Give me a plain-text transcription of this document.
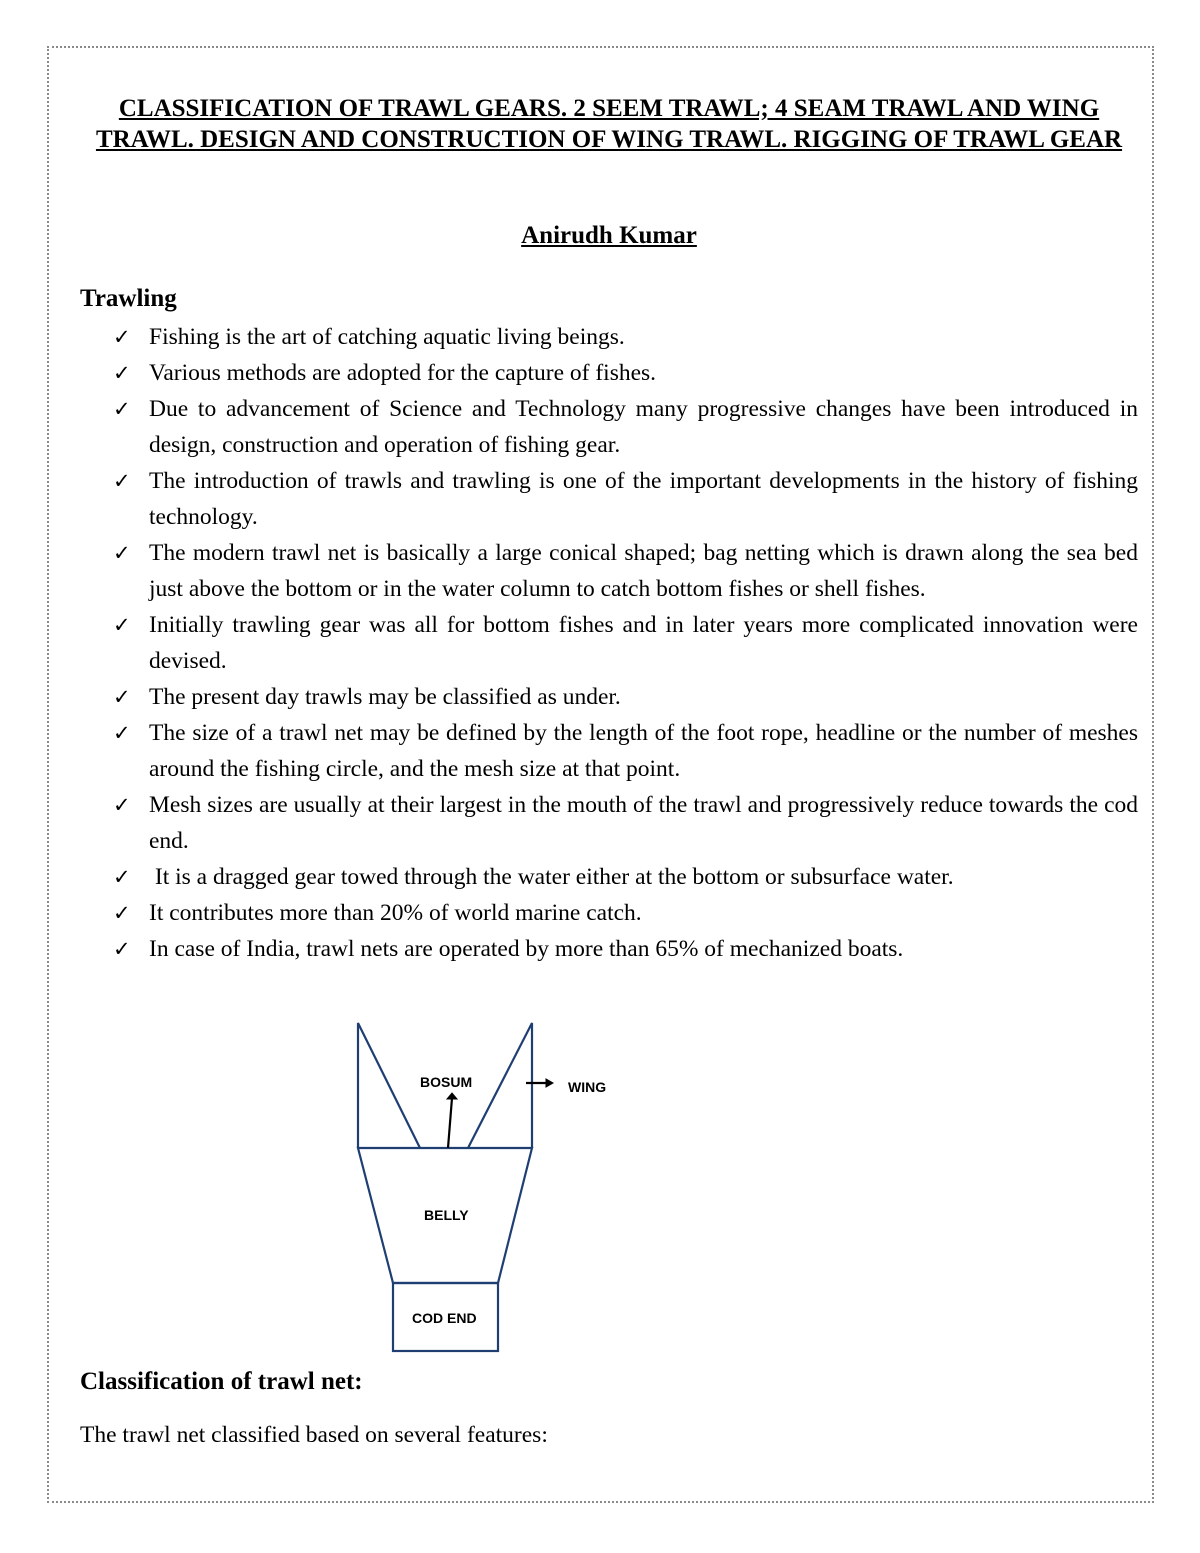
CLASSIFICATION OF TRAWL GEARS. 2 SEEM TRAWL; 4 SEAM TRAWL AND WING TRAWL. DESIGN AND CONSTRUCTION OF WING TRAWL. RIGGING OF TRAWL GEAR
Anirudh Kumar
Trawling
✓ Fishing is the art of catching aquatic living beings.
✓ Various methods are adopted for the capture of fishes.
✓ Due to advancement of Science and Technology many progressive changes have been introduced in design, construction and operation of fishing gear.
✓ The introduction of trawls and trawling is one of the important developments in the history of fishing technology.
✓ The modern trawl net is basically a large conical shaped; bag netting which is drawn along the sea bed just above the bottom or in the water column to catch bottom fishes or shell fishes.
✓ Initially trawling gear was all for bottom fishes and in later years more complicated innovation were devised.
✓ The present day trawls may be classified as under.
✓ The size of a trawl net may be defined by the length of the foot rope, headline or the number of meshes around the fishing circle, and the mesh size at that point.
✓ Mesh sizes are usually at their largest in the mouth of the trawl and progressively reduce towards the cod end.
✓ It is a dragged gear towed through the water either at the bottom or subsurface water.
✓ It contributes more than 20% of world marine catch.
✓ In case of India, trawl nets are operated by more than 65% of mechanized boats.
BOSUM	WING
BELLY
COD END
Classification of trawl net:

The trawl net classified based on several features:
